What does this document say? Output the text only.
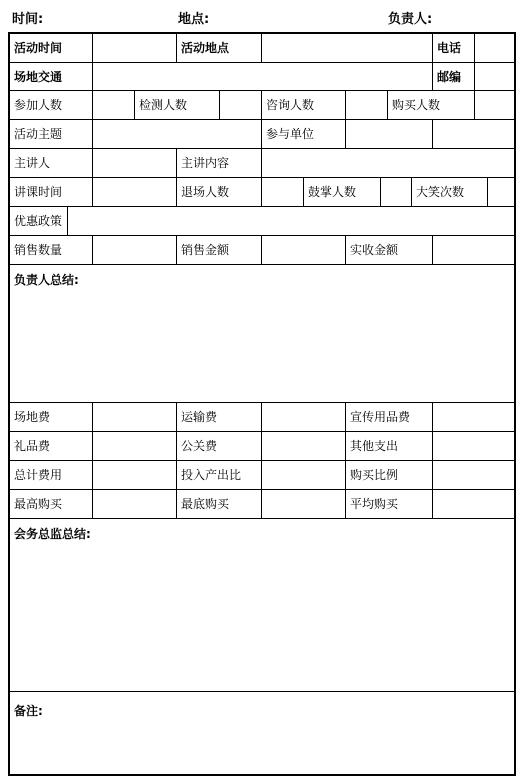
时间:	地点:	负责人:
活动时间	活动地点	电话
场地交通	邮编
参加人数	检测人数	咨询人数	购买人数
活动主题	参与单位
主讲人	主讲内容
讲课时间	退场人数	鼓掌人数	大笑次数
优惠政策
销售数量	销售金额	实收金额
负责人总结:
场地费	运输费	宣传用品费
礼品费	公关费	其他支出
总计费用	投入产出比	购买比例
最高购买	最底购买	平均购买
会务总监总结:
备注:
